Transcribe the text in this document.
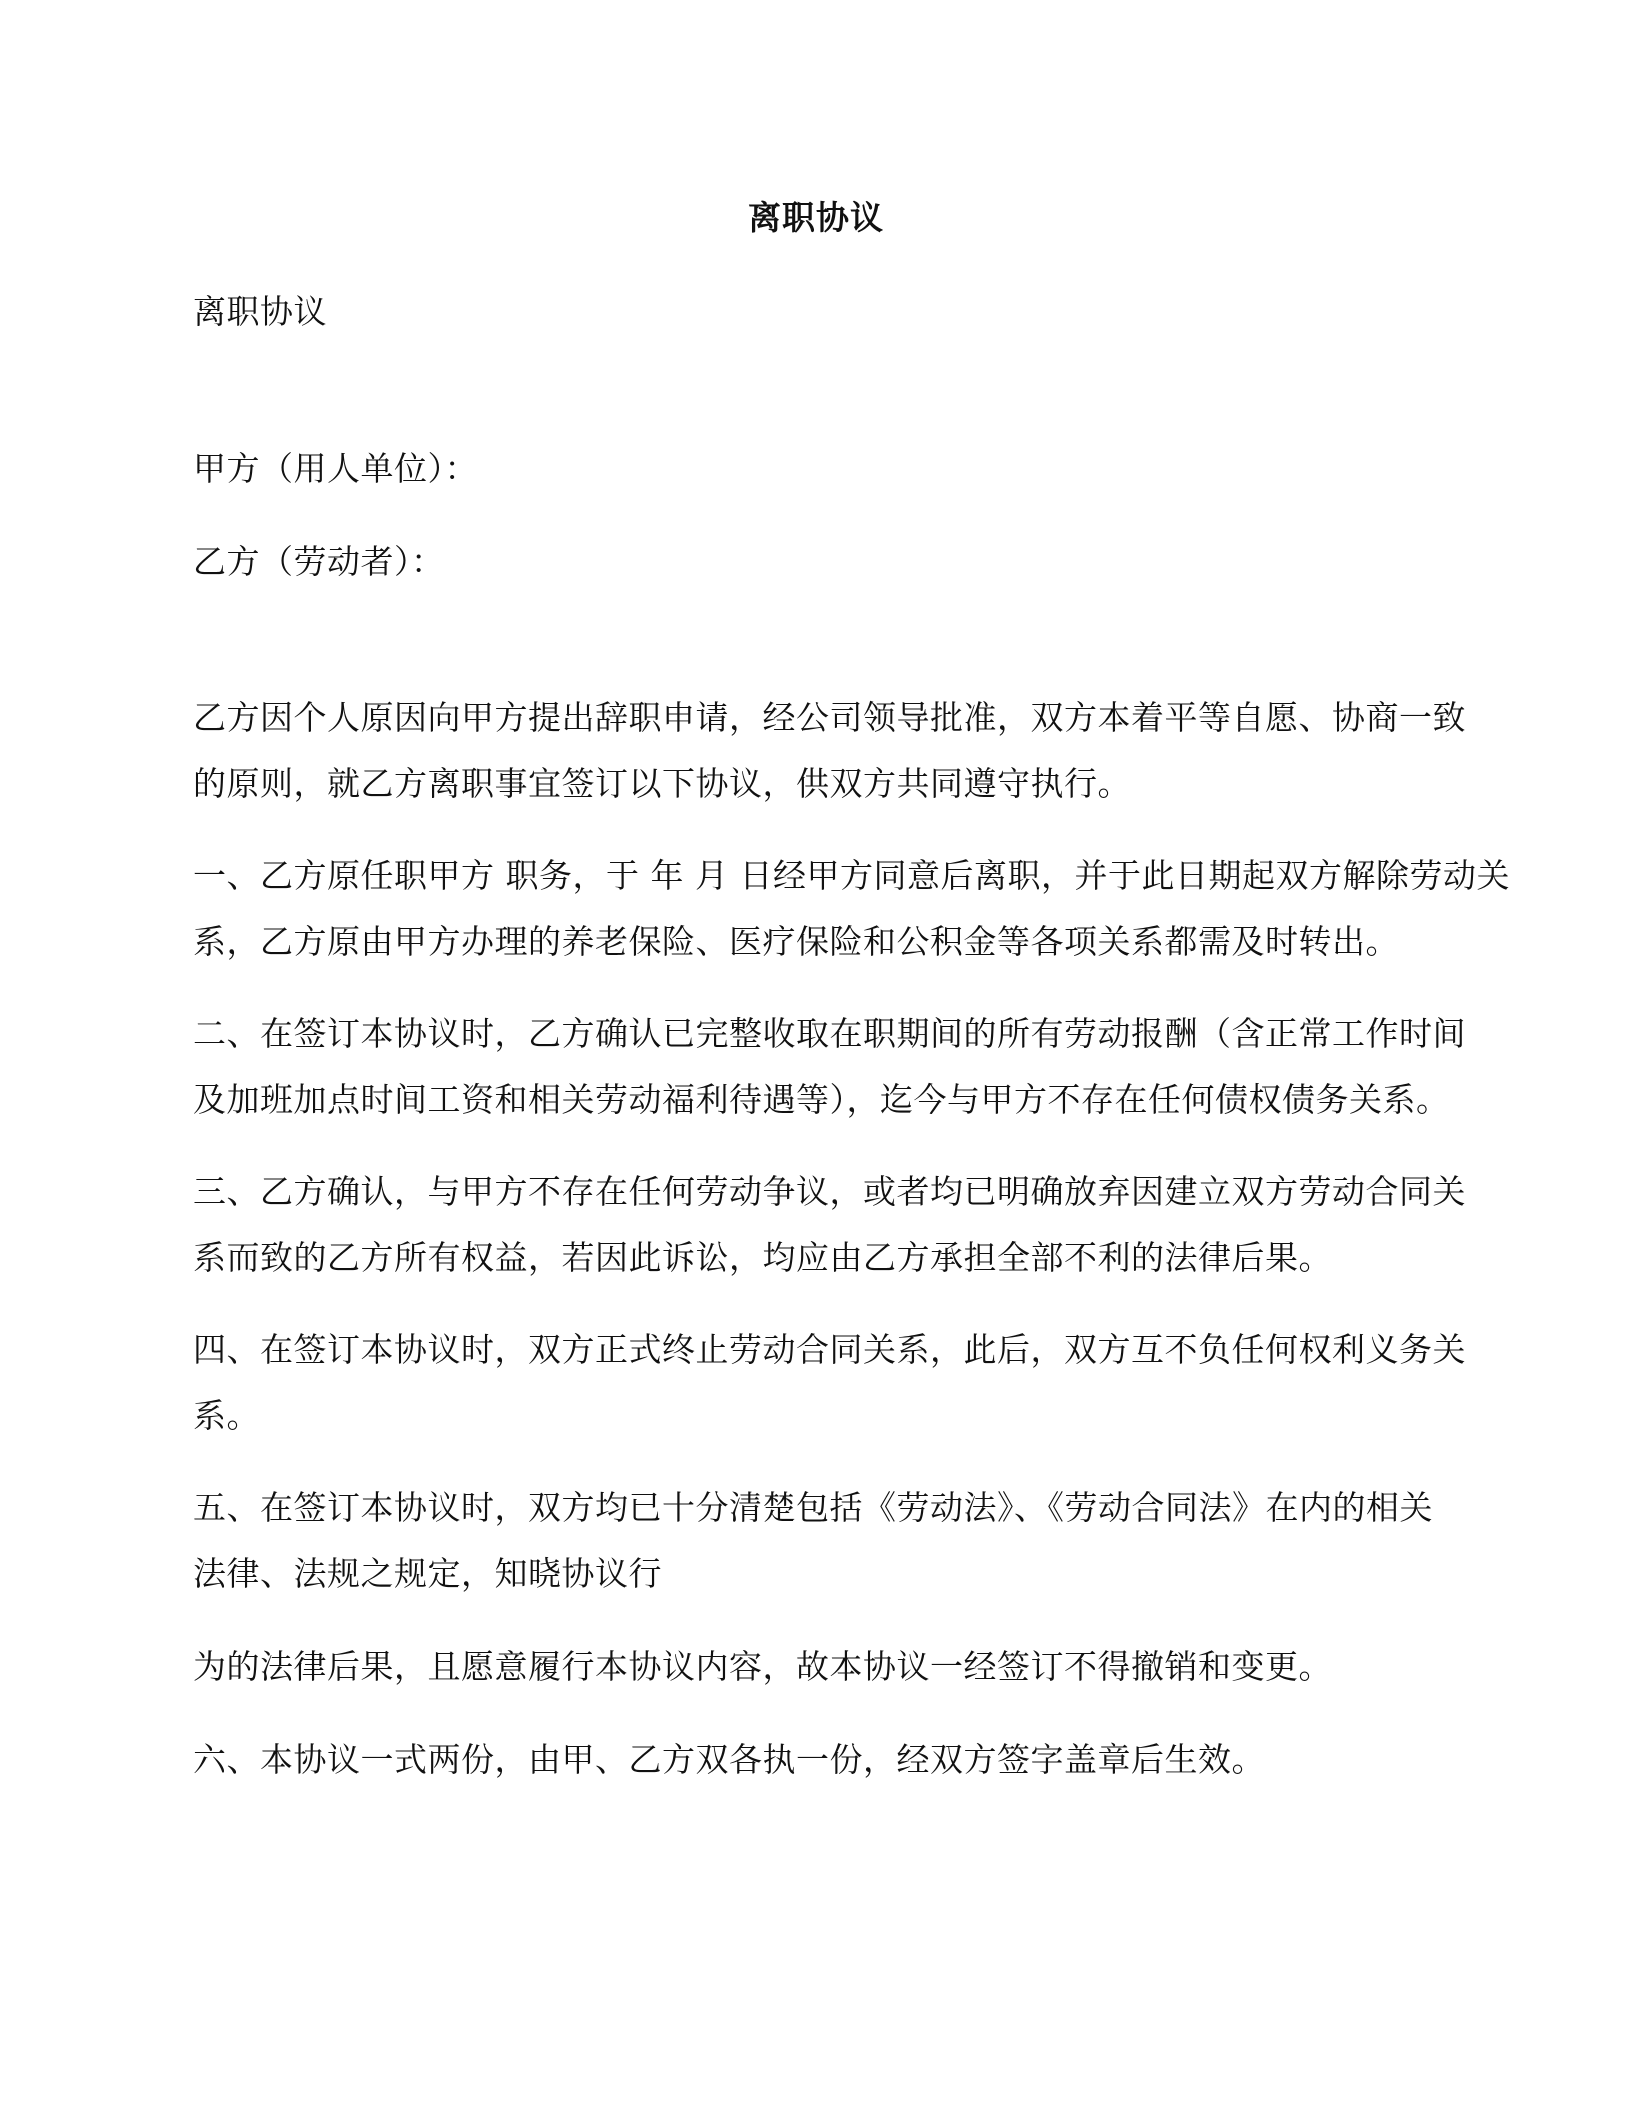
离职协议
离职协议
甲方（用人单位）：
乙方（劳动者）：
乙方因个人原因向甲方提出辞职申请，经公司领导批准，双方本着平等自愿、协商一致
的原则，就乙方离职事宜签订以下协议，供双方共同遵守执行。
一、乙方原任职甲方 职务，于 年 月 日经甲方同意后离职，并于此日期起双方解除劳动关
系，乙方原由甲方办理的养老保险、医疗保险和公积金等各项关系都需及时转出。
二、在签订本协议时，乙方确认已完整收取在职期间的所有劳动报酬（含正常工作时间
及加班加点时间工资和相关劳动福利待遇等），迄今与甲方不存在任何债权债务关系。
三、乙方确认，与甲方不存在任何劳动争议，或者均已明确放弃因建立双方劳动合同关
系而致的乙方所有权益，若因此诉讼，均应由乙方承担全部不利的法律后果。
四、在签订本协议时，双方正式终止劳动合同关系，此后，双方互不负任何权利义务关
系。
五、在签订本协议时，双方均已十分清楚包括《劳动法》、《劳动合同法》在内的相关
法律、法规之规定，知晓协议行
为的法律后果，且愿意履行本协议内容，故本协议一经签订不得撤销和变更。
六、本协议一式两份，由甲、乙方双各执一份，经双方签字盖章后生效。
